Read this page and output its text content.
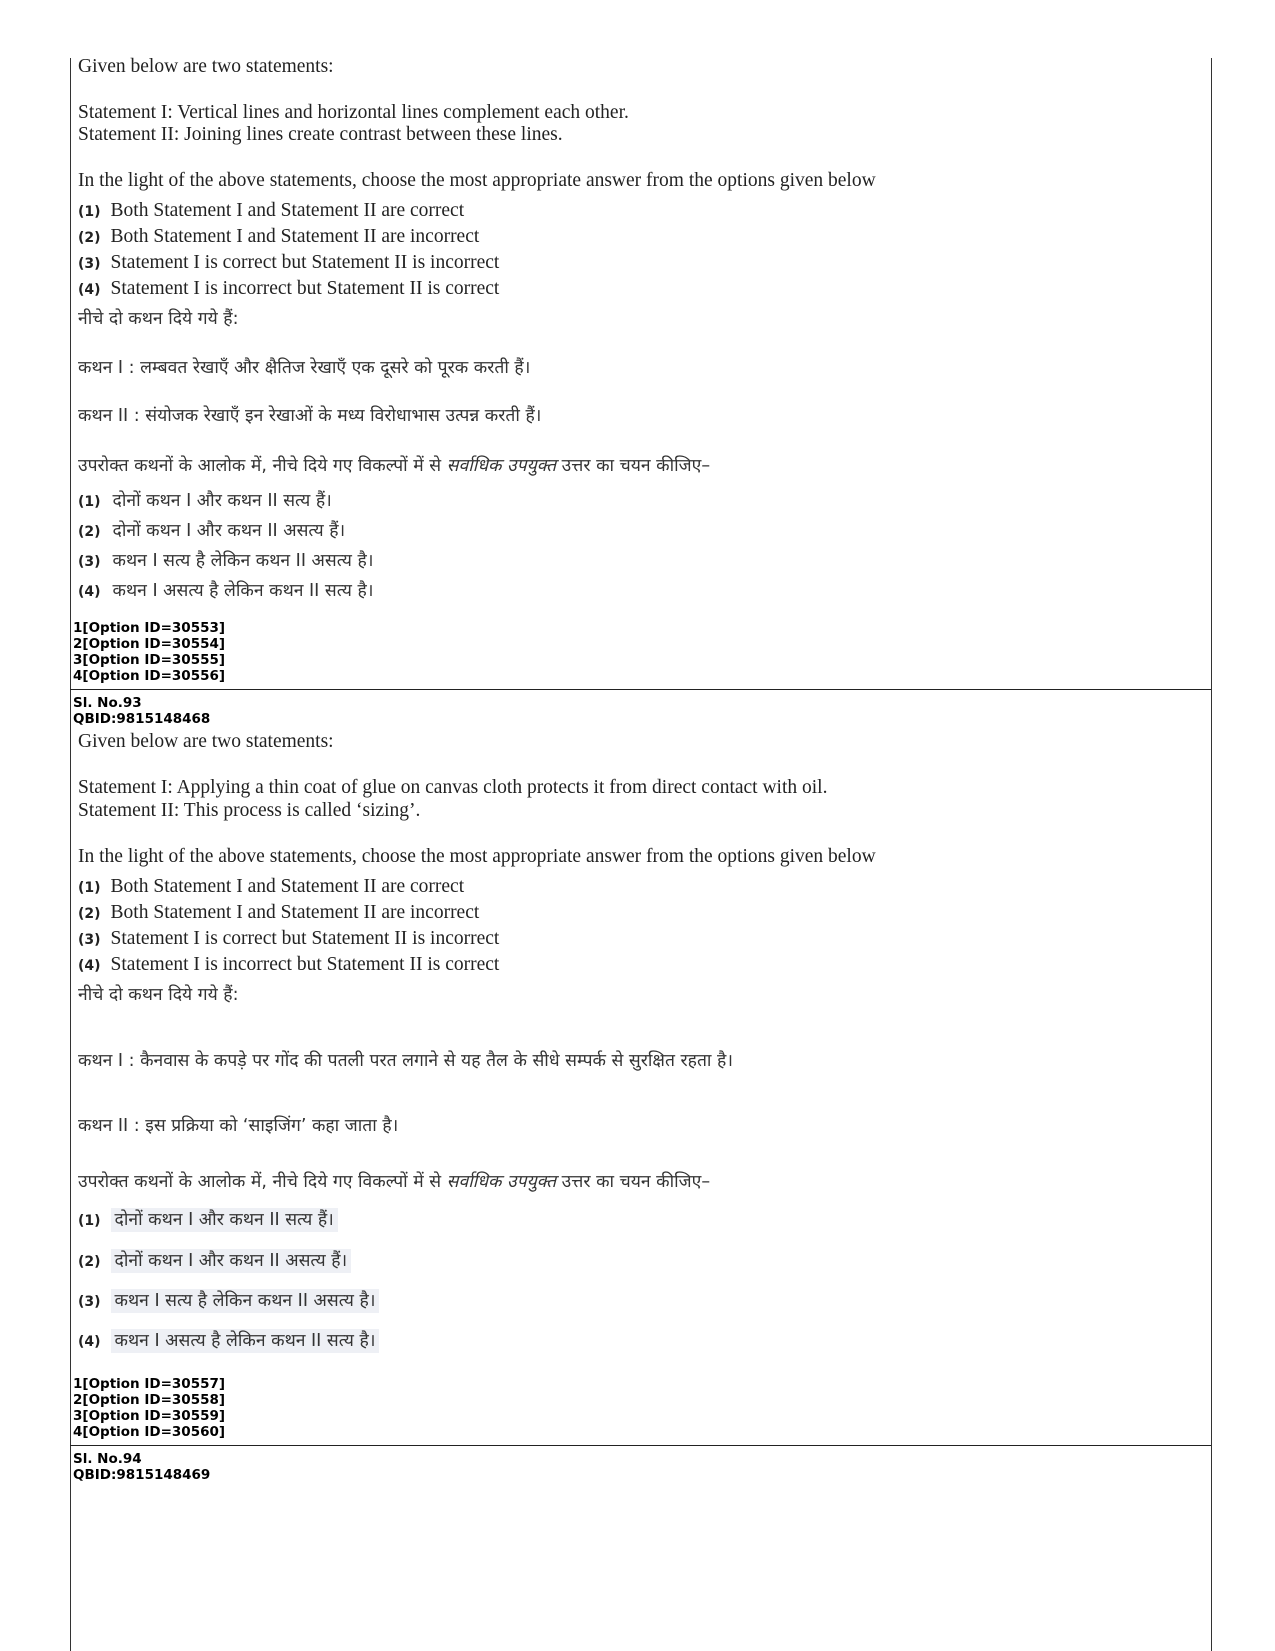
Given below are two statements:
Statement I: Vertical lines and horizontal lines complement each other.
Statement II: Joining lines create contrast between these lines.
In the light of the above statements, choose the most appropriate answer from the options given below
(1) Both Statement I and Statement II are correct
(2) Both Statement I and Statement II are incorrect
(3) Statement I is correct but Statement II is incorrect
(4) Statement I is incorrect but Statement II is correct
नीचे दो कथन दिये गये हैं:
कथन I : लम्बवत रेखाएँ और क्षैतिज रेखाएँ एक दूसरे को पूरक करती हैं।
कथन II : संयोजक रेखाएँ इन रेखाओं के मध्य विरोधाभास उत्पन्न करती हैं।
उपरोक्त कथनों के आलोक में, नीचे दिये गए विकल्पों में से सर्वाधिक उपयुक्त उत्तर का चयन कीजिए–
(1) दोनों कथन I और कथन II सत्य हैं।
(2) दोनों कथन I और कथन II असत्य हैं।
(3) कथन I सत्य है लेकिन कथन II असत्य है।
(4) कथन I असत्य है लेकिन कथन II सत्य है।
1[Option ID=30553]
2[Option ID=30554]
3[Option ID=30555]
4[Option ID=30556]
Sl. No.93
QBID:9815148468
Given below are two statements:
Statement I: Applying a thin coat of glue on canvas cloth protects it from direct contact with oil.
Statement II: This process is called ‘sizing’.
In the light of the above statements, choose the most appropriate answer from the options given below
(1) Both Statement I and Statement II are correct
(2) Both Statement I and Statement II are incorrect
(3) Statement I is correct but Statement II is incorrect
(4) Statement I is incorrect but Statement II is correct
नीचे दो कथन दिये गये हैं:
कथन I : कैनवास के कपड़े पर गोंद की पतली परत लगाने से यह तैल के सीधे सम्पर्क से सुरक्षित रहता है।
कथन II : इस प्रक्रिया को ‘साइजिंग’ कहा जाता है।
उपरोक्त कथनों के आलोक में, नीचे दिये गए विकल्पों में से सर्वाधिक उपयुक्त उत्तर का चयन कीजिए–
(1) दोनों कथन I और कथन II सत्य हैं।
(2) दोनों कथन I और कथन II असत्य हैं।
(3) कथन I सत्य है लेकिन कथन II असत्य है।
(4) कथन I असत्य है लेकिन कथन II सत्य है।
1[Option ID=30557]
2[Option ID=30558]
3[Option ID=30559]
4[Option ID=30560]
Sl. No.94
QBID:9815148469
